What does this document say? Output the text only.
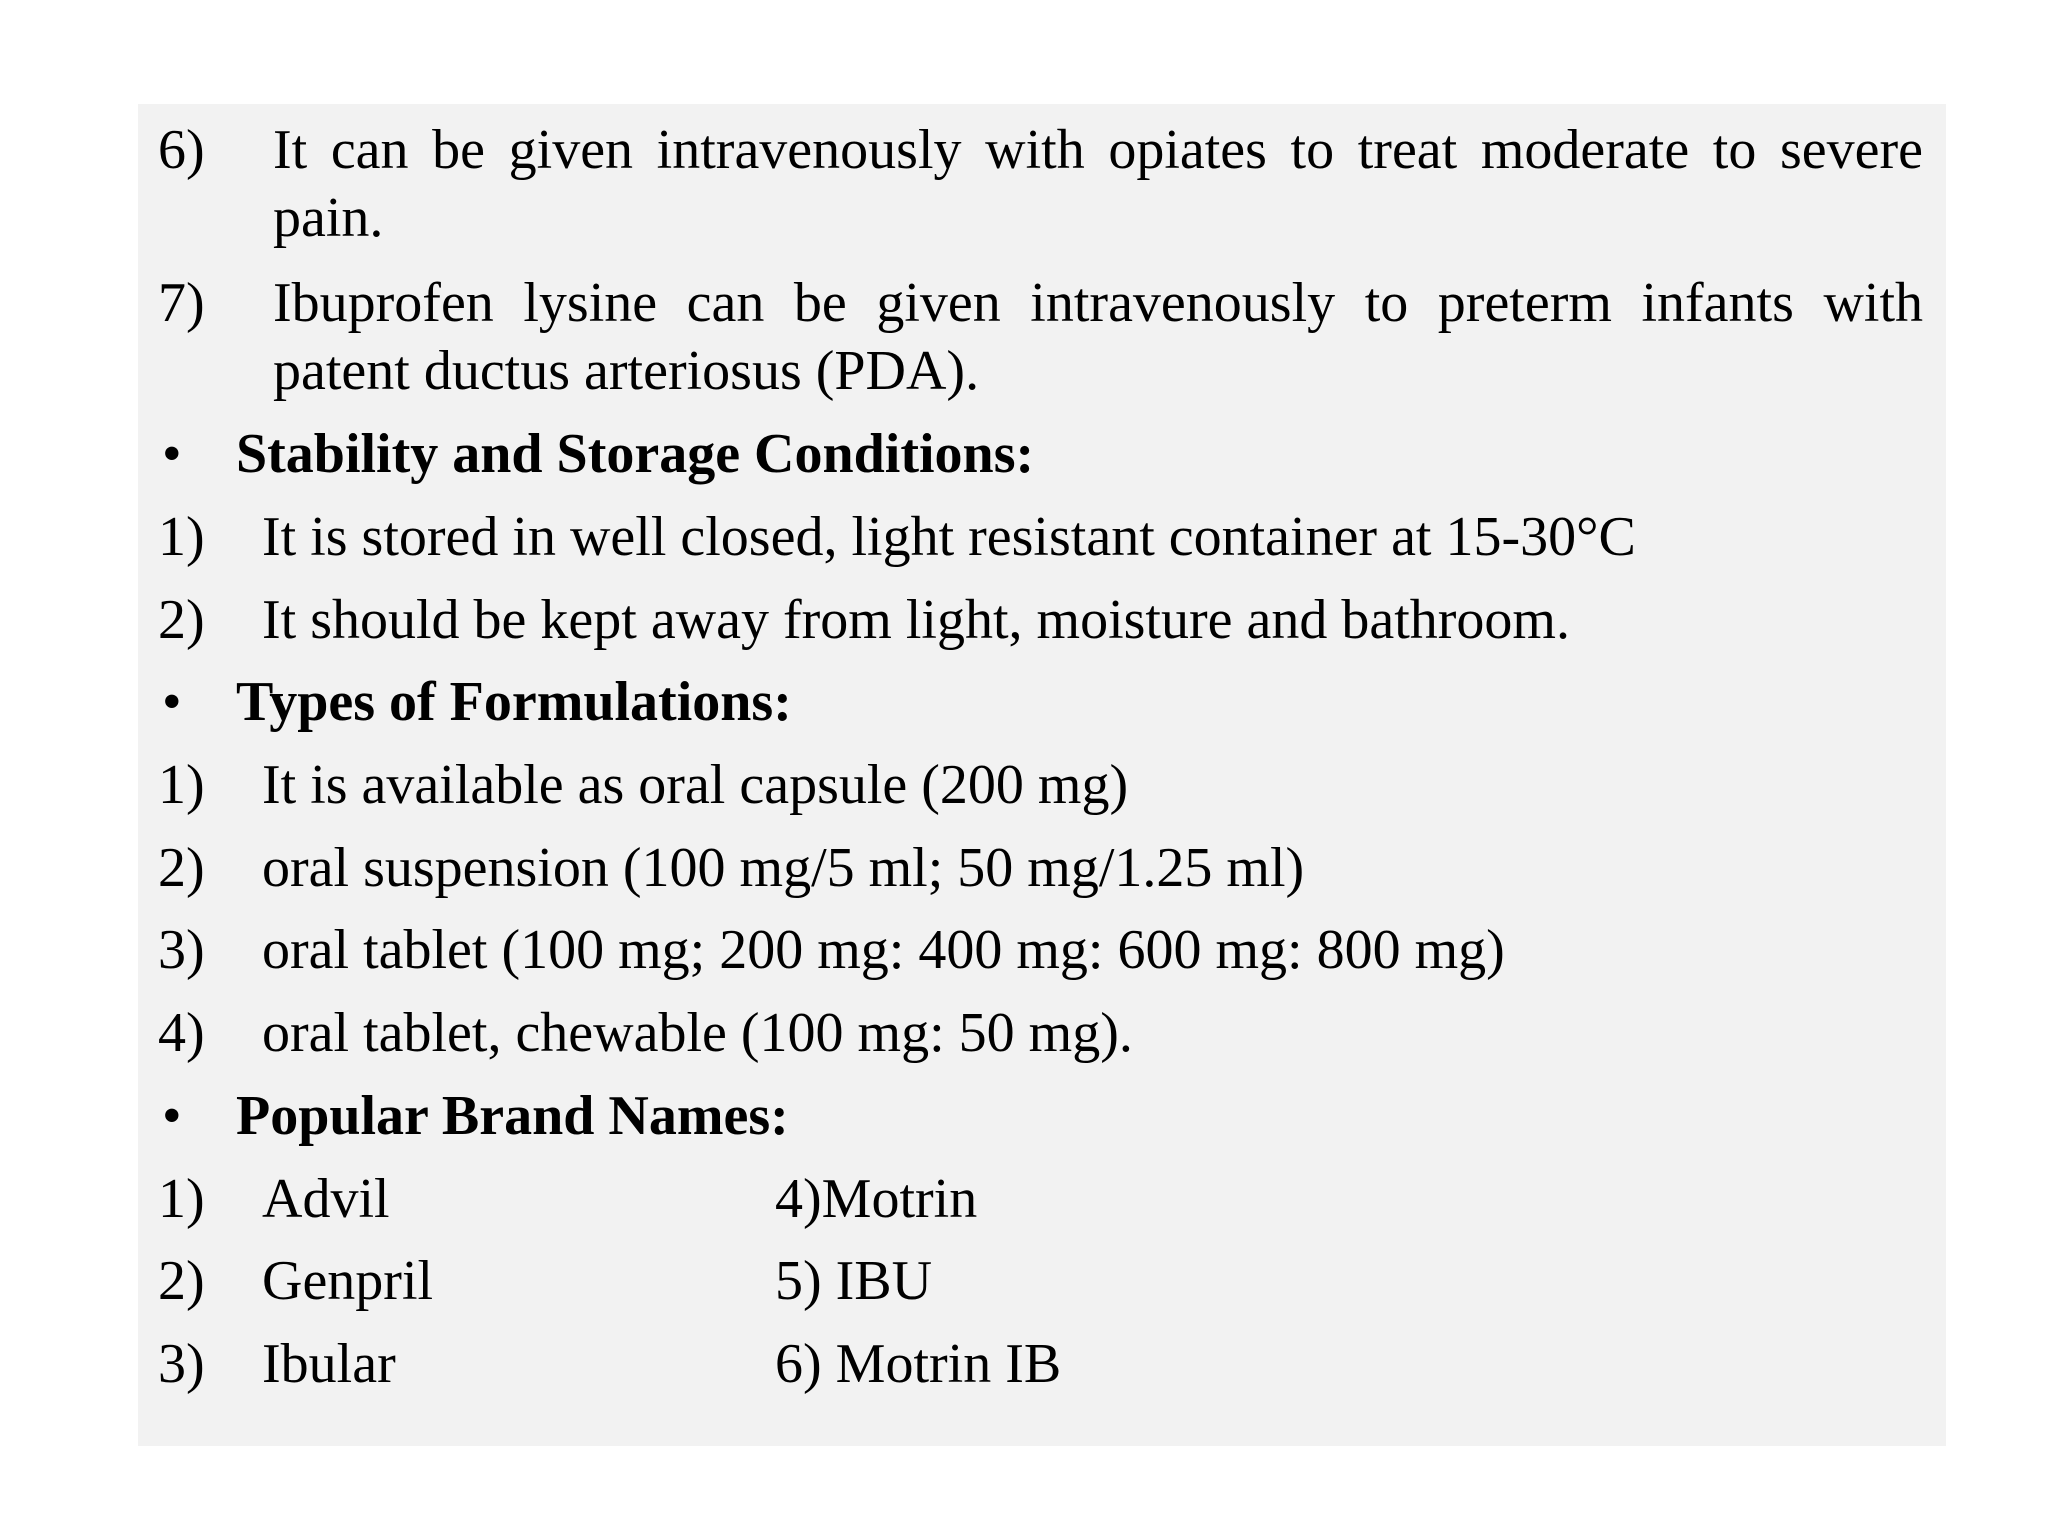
6) It can be given intravenously with opiates to treat moderate to severe
pain.
7) Ibuprofen lysine can be given intravenously to preterm infants with
patent ductus arteriosus (PDA).
• Stability and Storage Conditions:
1) It is stored in well closed, light resistant container at 15-30°C
2) It should be kept away from light, moisture and bathroom.
• Types of Formulations:
1) It is available as oral capsule (200 mg)
2) oral suspension (100 mg/5 ml; 50 mg/1.25 ml)
3) oral tablet (100 mg; 200 mg: 400 mg: 600 mg: 800 mg)
4) oral tablet, chewable (100 mg: 50 mg).
• Popular Brand Names:
1) Advil	4)Motrin
2) Genpril	5) IBU
3) Ibular	6) Motrin IB
